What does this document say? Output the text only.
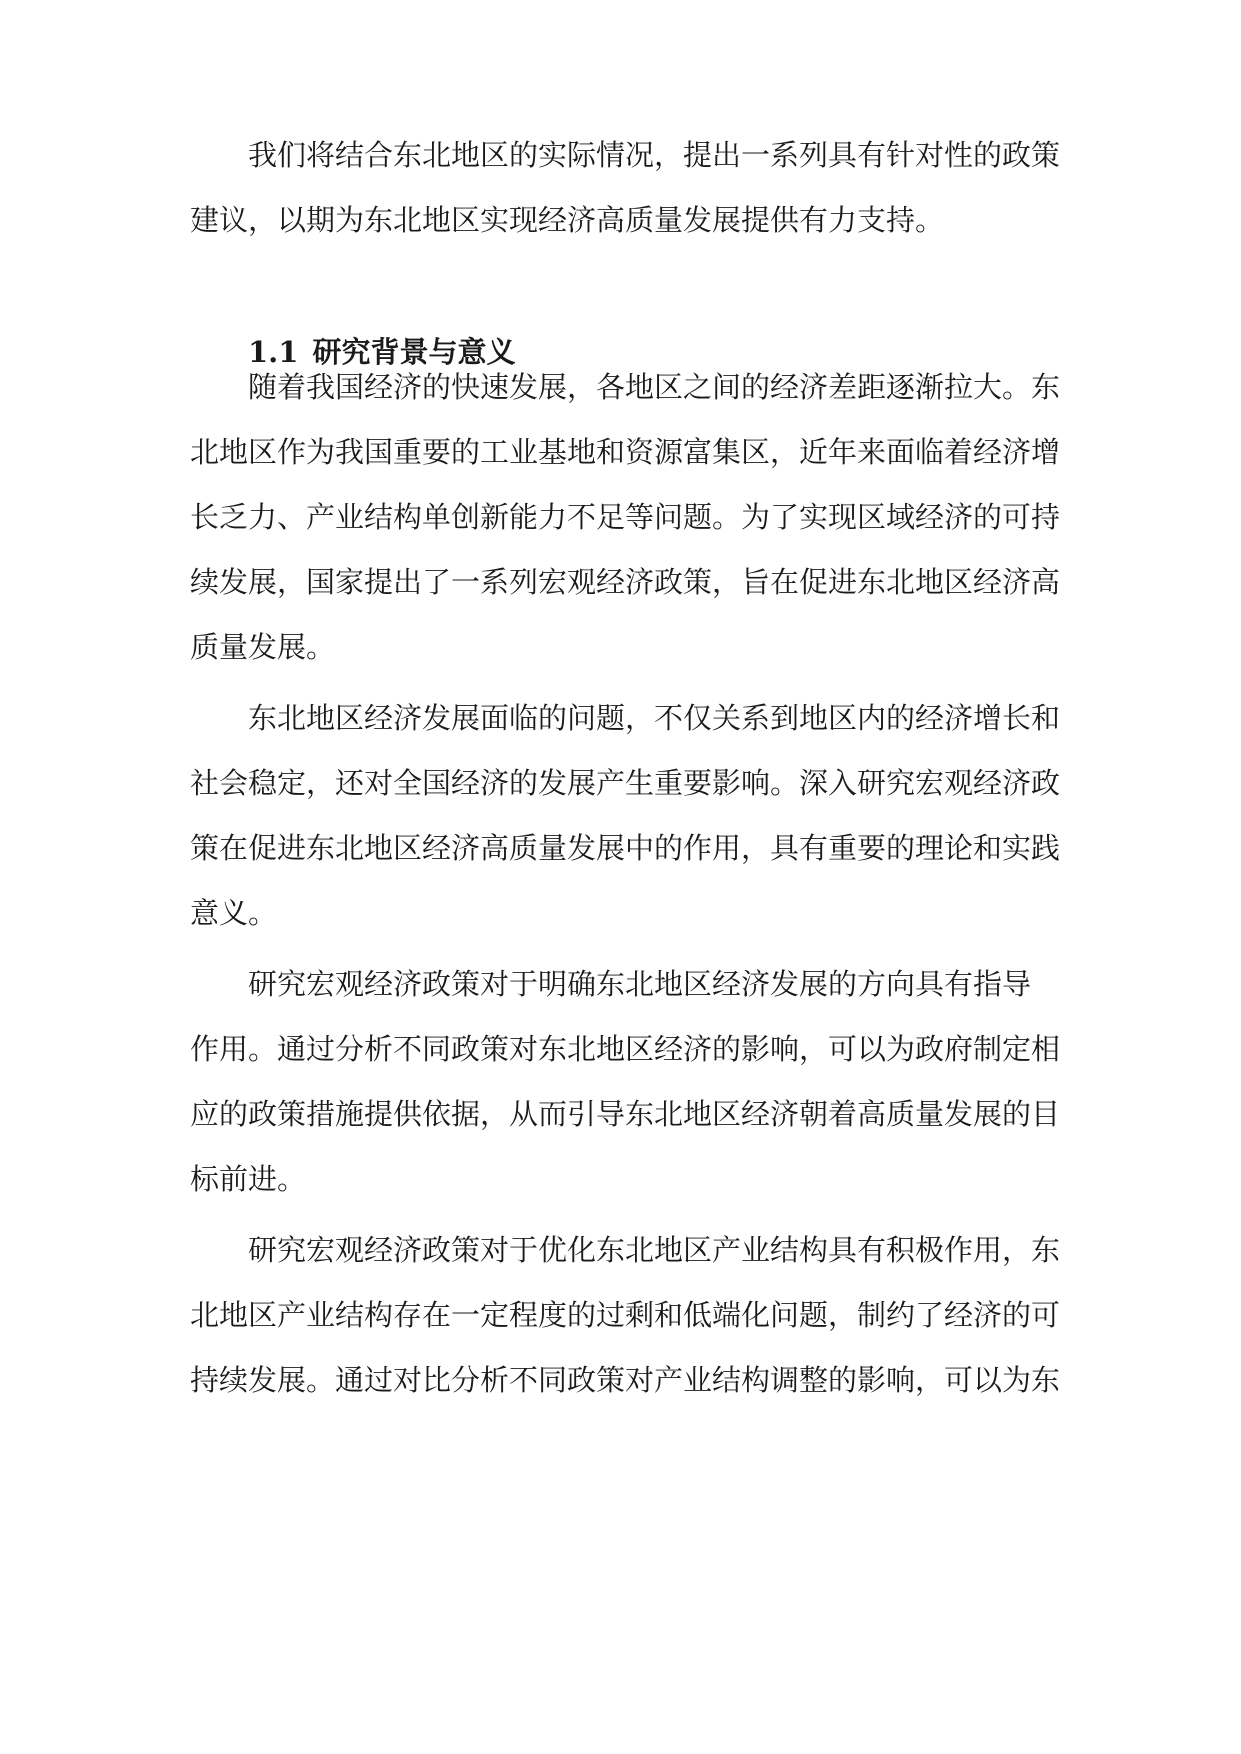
我们将结合东北地区的实际情况，提出一系列具有针对性的政策
建议，以期为东北地区实现经济高质量发展提供有力支持。
1.1 研究背景与意义
随着我国经济的快速发展，各地区之间的经济差距逐渐拉大。东
北地区作为我国重要的工业基地和资源富集区，近年来面临着经济增
长乏力、产业结构单创新能力不足等问题。为了实现区域经济的可持
续发展，国家提出了一系列宏观经济政策，旨在促进东北地区经济高
质量发展。
东北地区经济发展面临的问题，不仅关系到地区内的经济增长和
社会稳定，还对全国经济的发展产生重要影响。深入研究宏观经济政
策在促进东北地区经济高质量发展中的作用，具有重要的理论和实践
意义。
研究宏观经济政策对于明确东北地区经济发展的方向具有指导
作用。通过分析不同政策对东北地区经济的影响，可以为政府制定相
应的政策措施提供依据，从而引导东北地区经济朝着高质量发展的目
标前进。
研究宏观经济政策对于优化东北地区产业结构具有积极作用，东
北地区产业结构存在一定程度的过剩和低端化问题，制约了经济的可
持续发展。通过对比分析不同政策对产业结构调整的影响，可以为东
